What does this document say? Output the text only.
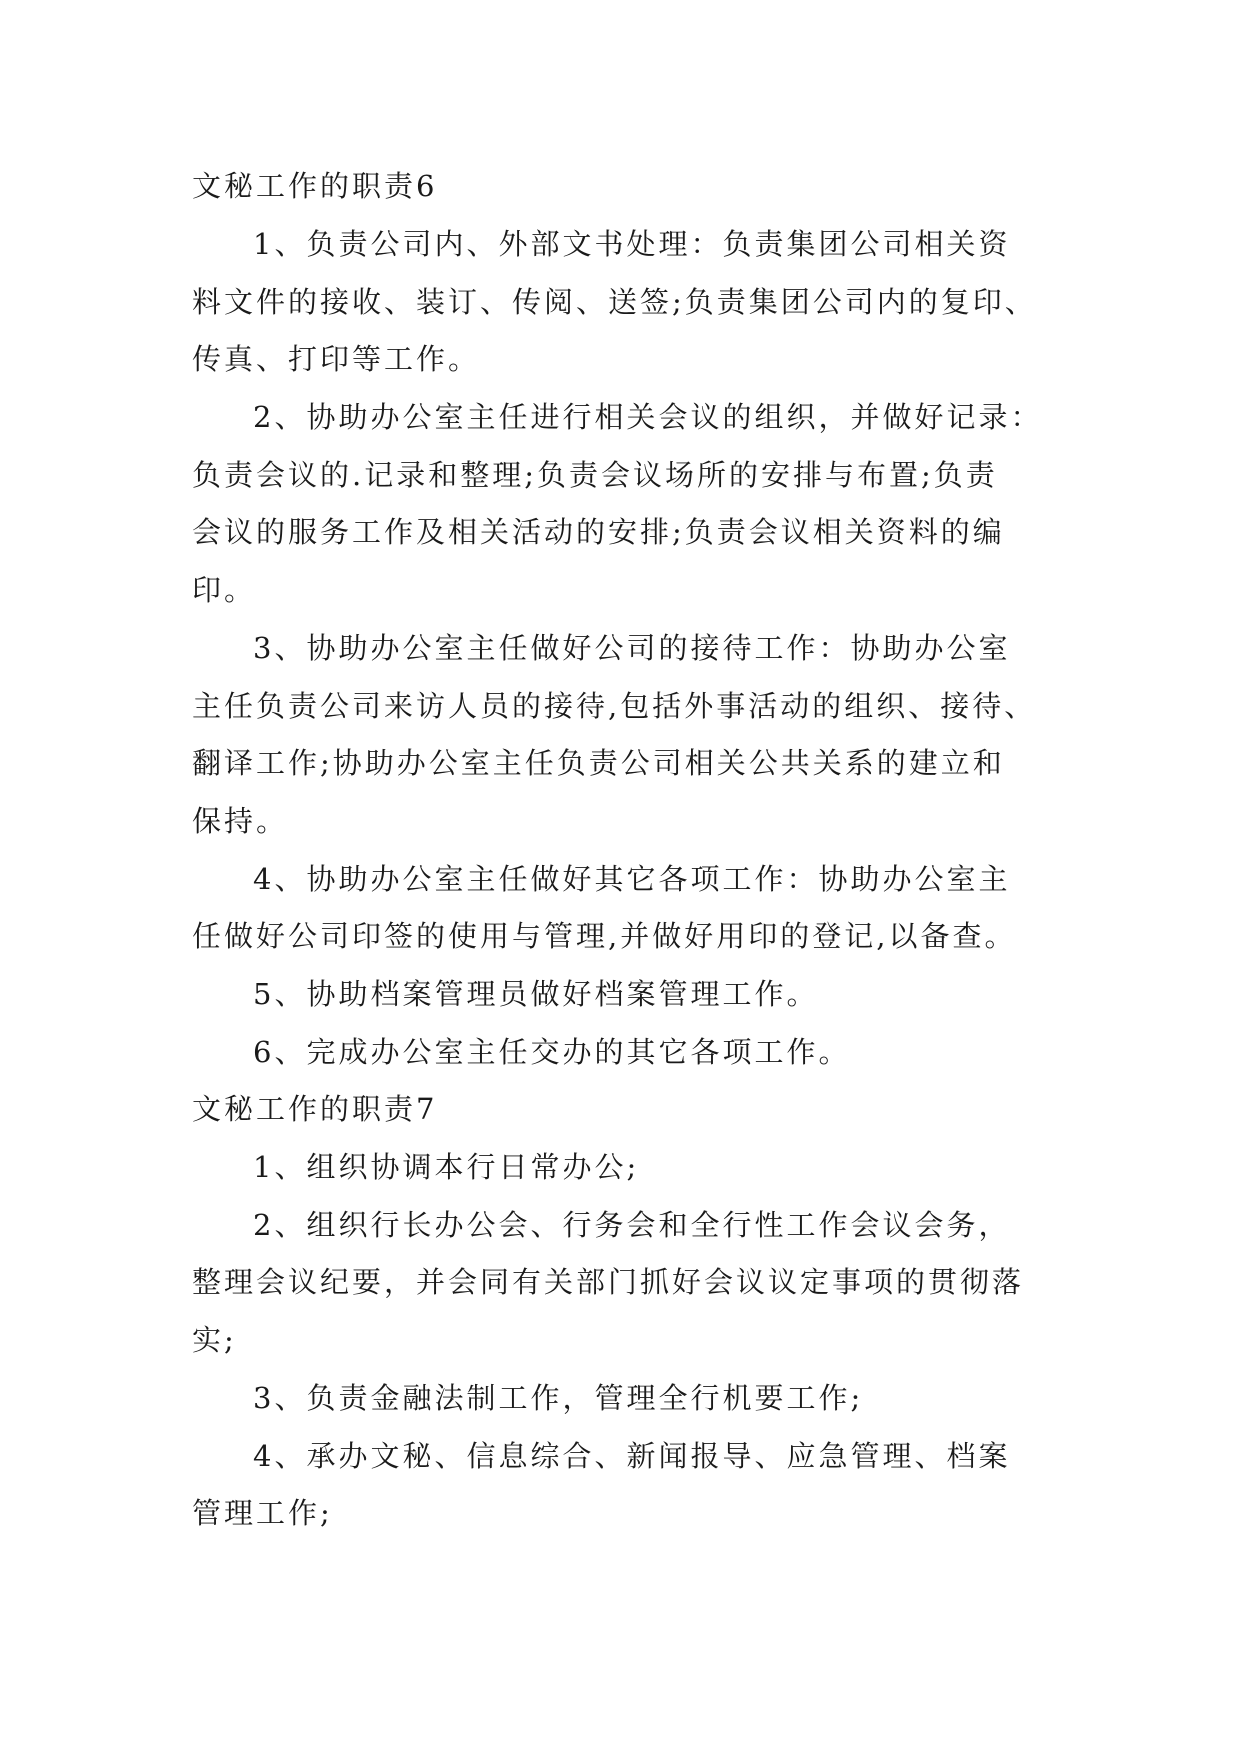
文秘工作的职责6
1、负责公司内、外部文书处理：负责集团公司相关资
料文件的接收、装订、传阅、送签;负责集团公司内的复印、
传真、打印等工作。
2、协助办公室主任进行相关会议的组织，并做好记录：
负责会议的.记录和整理;负责会议场所的安排与布置;负责
会议的服务工作及相关活动的安排;负责会议相关资料的编
印。
3、协助办公室主任做好公司的接待工作：协助办公室
主任负责公司来访人员的接待,包括外事活动的组织、接待、
翻译工作;协助办公室主任负责公司相关公共关系的建立和
保持。
4、协助办公室主任做好其它各项工作：协助办公室主
任做好公司印签的使用与管理,并做好用印的登记,以备查。
5、协助档案管理员做好档案管理工作。
6、完成办公室主任交办的其它各项工作。
文秘工作的职责7
1、组织协调本行日常办公;
2、组织行长办公会、行务会和全行性工作会议会务，
整理会议纪要，并会同有关部门抓好会议议定事项的贯彻落
实;
3、负责金融法制工作，管理全行机要工作;
4、承办文秘、信息综合、新闻报导、应急管理、档案
管理工作;
